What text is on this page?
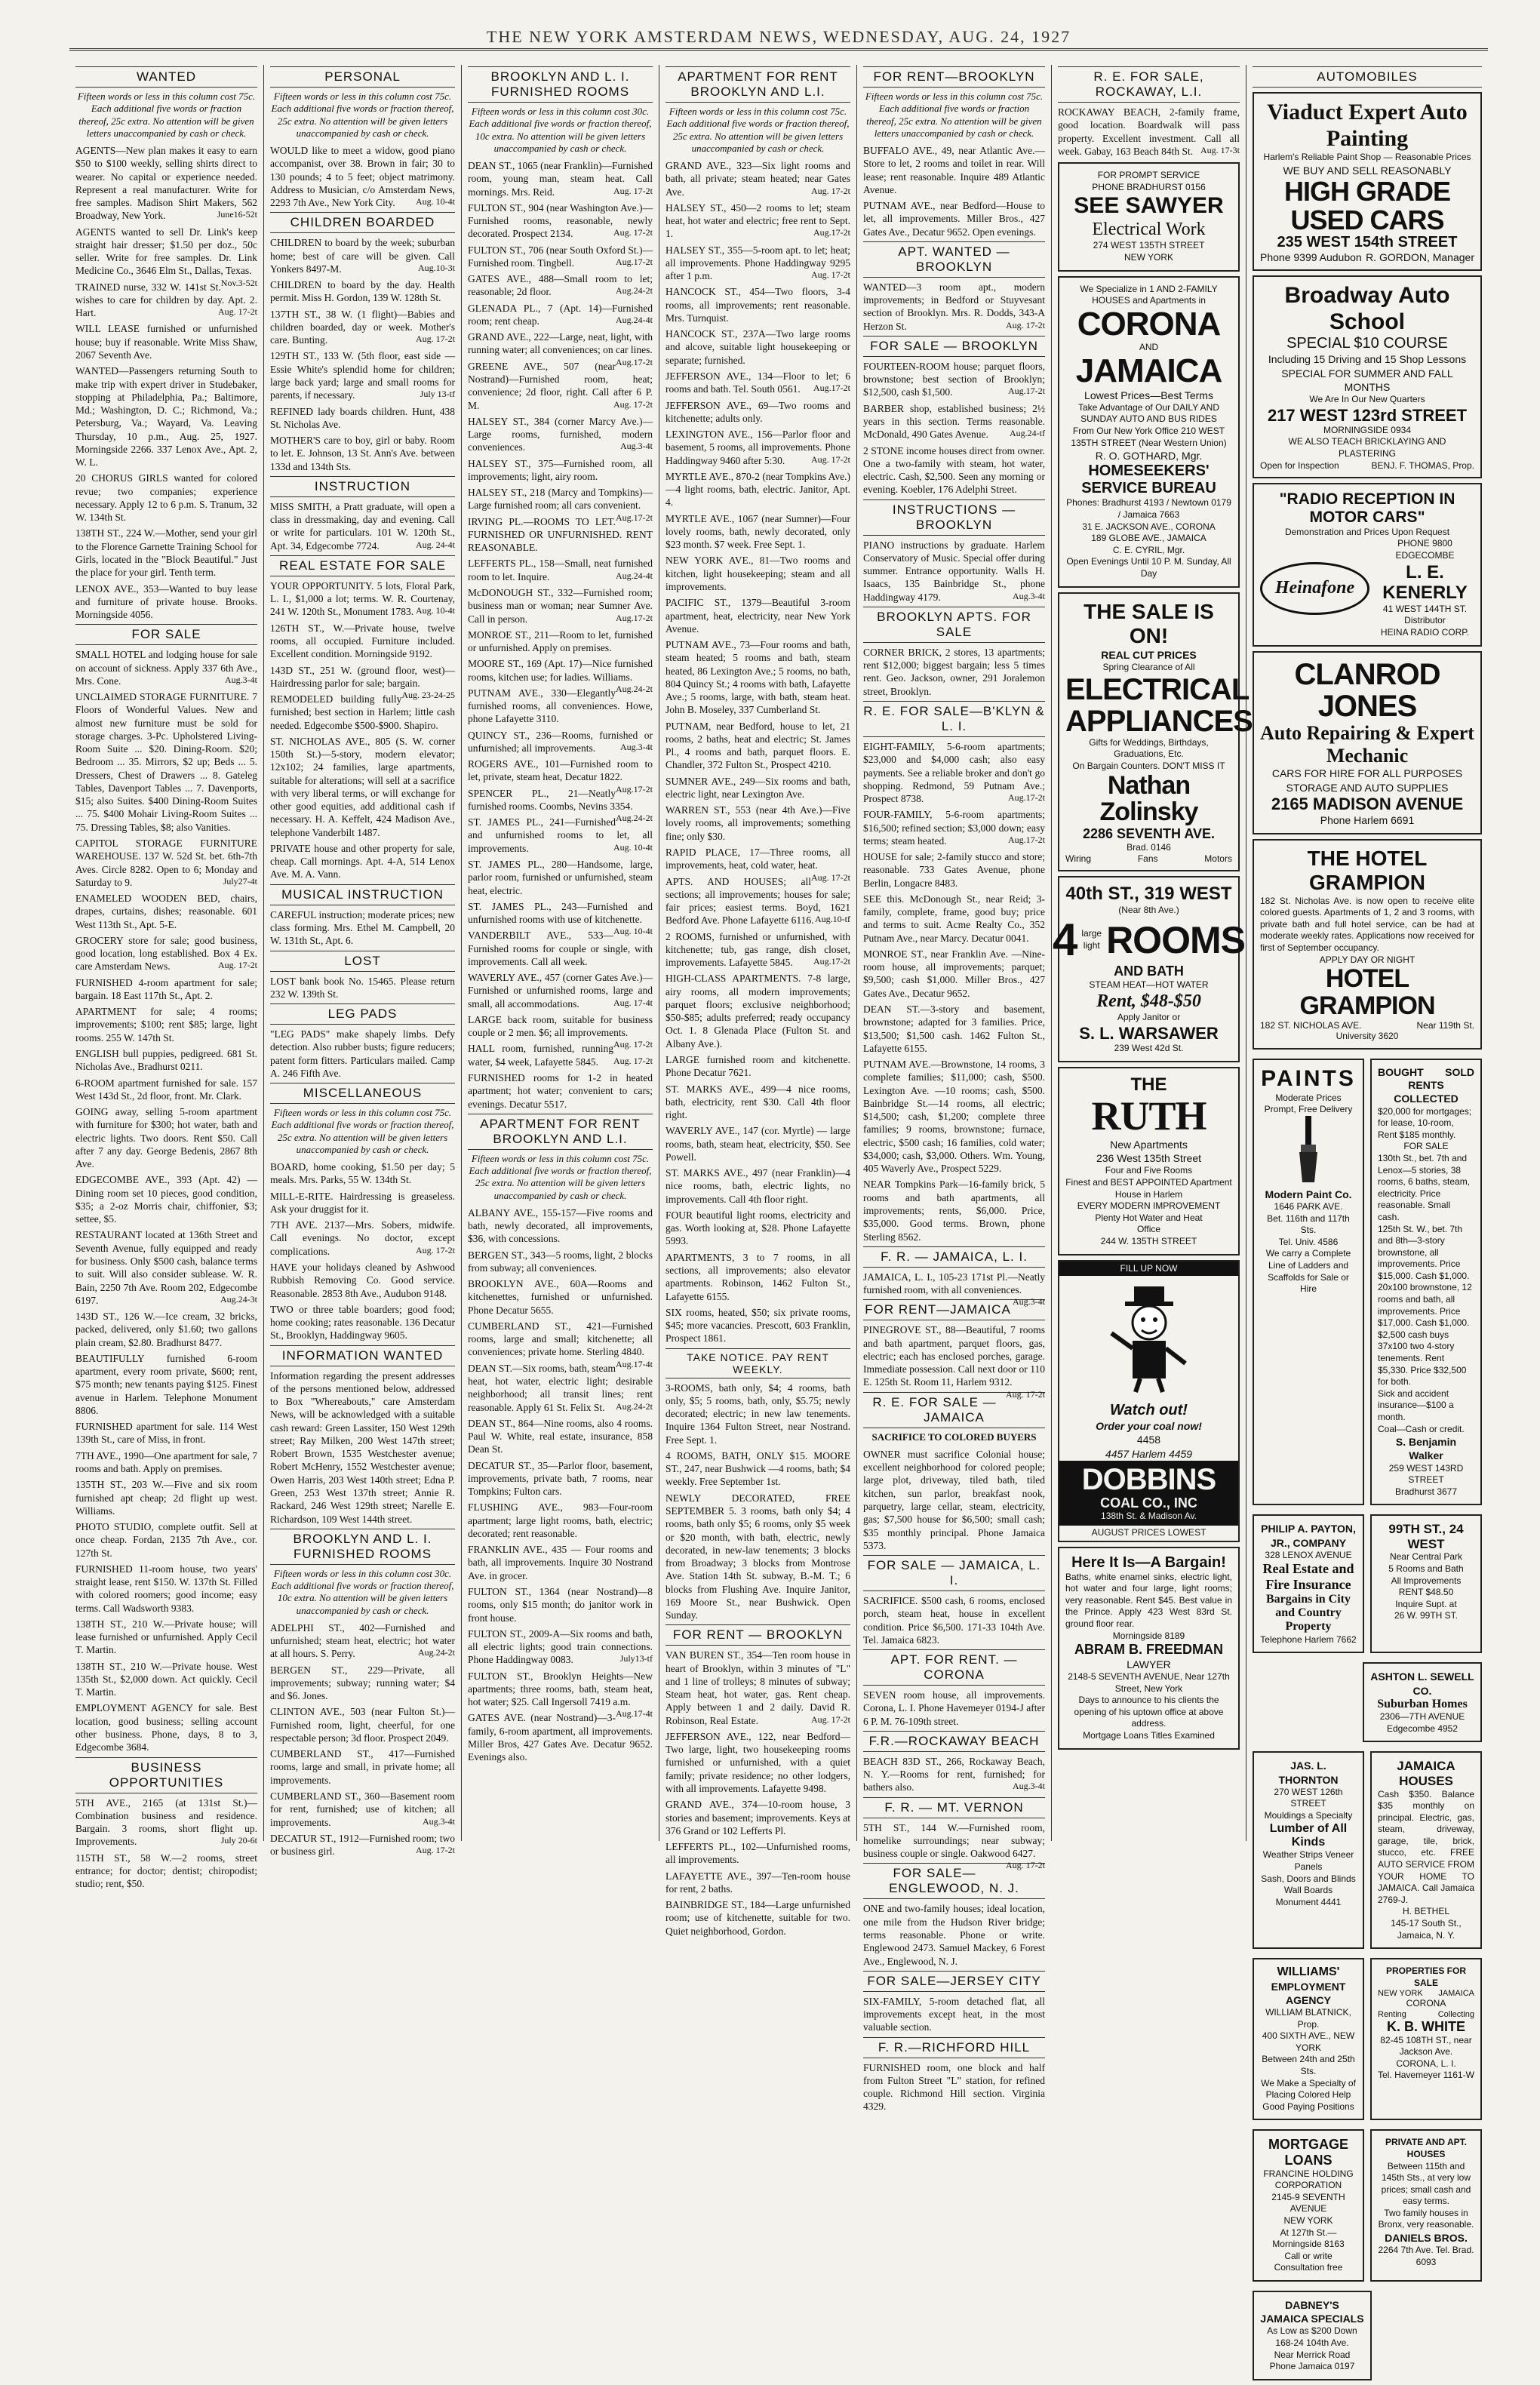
THE NEW YORK AMSTERDAM NEWS, WEDNESDAY, AUG. 24, 1927
WANTED
Fifteen words or less in this column cost 75c. Each additional five words or fraction thereof, 25c extra. No attention will be given letters unaccompanied by cash or check.
AGENTS—New plan makes it easy to earn $50 to $100 weekly, selling shirts direct to wearer. No capital or experience needed. Represent a real manufacturer. Write for free samples. Madison Shirt Makers, 562 Broadway, New York.	June16-52t
AGENTS wanted to sell Dr. Link's keep straight hair dresser; $1.50 per doz., 50c seller. Write for free samples. Dr. Link Medicine Co., 3646 Elm St., Dallas, Texas.
Nov.3-52t
TRAINED nurse, 332 W. 141st St. wishes to care for children by day. Apt. 2. Hart.	Aug. 17-2t
WILL LEASE furnished or unfurnished house; buy if reasonable. Write Miss Shaw, 2067 Seventh Ave.
WANTED—Passengers returning South to make trip with expert driver in Studebaker, stopping at Philadelphia, Pa.; Baltimore, Md.; Washington, D. C.; Richmond, Va.; Petersburg, Va.; Wayard, Va. Leaving Thursday, 10 p.m., Aug. 25, 1927. Morningside 2266. 337 Lenox Ave., Apt. 2, W. L.
20 CHORUS GIRLS wanted for colored revue; two companies; experience necessary. Apply 12 to 6 p.m. S. Tranum, 32 W. 134th St.
138TH ST., 224 W.—Mother, send your girl to the Florence Garnette Training School for Girls, located in the "Block Beautiful." Just the place for your girl. Tenth term.
LENOX AVE., 353—Wanted to buy lease and furniture of private house. Brooks. Morningside 4056.
FOR SALE
SMALL HOTEL and lodging house for sale on account of sickness. Apply 337 6th Ave., Mrs. Cone.	Aug.3-4t
UNCLAIMED STORAGE FURNITURE. 7 Floors of Wonderful Values. New and almost new furniture must be sold for storage charges. 3-Pc. Upholstered Living-Room Suite ... $20. Dining-Room. $20; Bedroom ... 35. Mirrors, $2 up; Beds ... 5. Dressers, Chest of Drawers ... 8. Gateleg Tables, Davenport Tables ... 7. Davenports, $15; also Suites. $400 Dining-Room Suites ... 75. $400 Mohair Living-Room Suites ... 75. Dressing Tables, $8; also Vanities.
CAPITOL STORAGE FURNITURE WAREHOUSE. 137 W. 52d St. bet. 6th-7th Aves. Circle 8282. Open to 6; Monday and Saturday to 9.	July27-4t
ENAMELED WOODEN BED, chairs, drapes, curtains, dishes; reasonable. 601 West 113th St., Apt. 5-E.
GROCERY store for sale; good business, good location, long established. Box 4 Ex. care Amsterdam News.	Aug. 17-2t
FURNISHED 4-room apartment for sale; bargain. 18 East 117th St., Apt. 2.
APARTMENT for sale; 4 rooms; improvements; $100; rent $85; large, light rooms. 255 W. 147th St.
ENGLISH bull puppies, pedigreed. 681 St. Nicholas Ave., Bradhurst 0211.
6-ROOM apartment furnished for sale. 157 West 143d St., 2d floor, front. Mr. Clark.
GOING away, selling 5-room apartment with furniture for $300; hot water, bath and electric lights. Two doors. Rent $50. Call after 7 any day. George Bedenis, 2867 8th Ave.
EDGECOMBE AVE., 393 (Apt. 42) —Dining room set 10 pieces, good condition, $35; a 2-oz Morris chair, chiffonier, $3; settee, $5.
RESTAURANT located at 136th Street and Seventh Avenue, fully equipped and ready for business. Only $500 cash, balance terms to suit. Will also consider sublease. W. R. Bain, 2250 7th Ave. Room 202, Edgecombe 6197.	Aug.24-3t
143D ST., 126 W.—Ice cream, 32 bricks, packed, delivered, only $1.60; two gallons plain cream, $2.80. Bradhurst 8477.
BEAUTIFULLY furnished 6-room apartment, every room private, $600; rent, $75 month; new tenants paying $125. Finest avenue in Harlem. Telephone Monument 8806.
FURNISHED apartment for sale. 114 West 139th St., care of Miss, in front.
7TH AVE., 1990—One apartment for sale, 7 rooms and bath. Apply on premises.
135TH ST., 203 W.—Five and six room furnished apt cheap; 2d flight up west. Williams.
PHOTO STUDIO, complete outfit. Sell at once cheap. Fordan, 2135 7th Ave., cor. 127th St.
FURNISHED 11-room house, two years' straight lease, rent $150. W. 137th St. Filled with colored roomers; good income; easy terms. Call Wadsworth 9383.
138TH ST., 210 W.—Private house; will lease furnished or unfurnished. Apply Cecil T. Martin.
138TH ST., 210 W.—Private house. West 135th St., $2,000 down. Act quickly. Cecil T. Martin.
EMPLOYMENT AGENCY for sale. Best location, good business; selling account other business. Phone, days, 8 to 3, Edgecombe 3684.
BUSINESS OPPORTUNITIES
5TH AVE., 2165 (at 131st St.)—Combination business and residence. Bargain. 3 rooms, short flight up. Improvements.	July 20-6t
115TH ST., 58 W.—2 rooms, street entrance; for doctor; dentist; chiropodist; studio; rent, $50.
PERSONAL
Fifteen words or less in this column cost 75c. Each additional five words or fraction thereof, 25c extra. No attention will be given letters unaccompanied by cash or check.
WOULD like to meet a widow, good piano accompanist, over 38. Brown in fair; 30 to 130 pounds; 4 to 5 feet; object matrimony. Address to Musician, c/o Amsterdam News, 2293 7th Ave., New York City. Aug. 10-4t
CHILDREN BOARDED
CHILDREN to board by the week; suburban home; best of care will be given. Call Yonkers 8497-M.	Aug.10-3t
CHILDREN to board by the day. Health permit. Miss H. Gordon, 139 W. 128th St.
137TH ST., 38 W. (1 flight)—Babies and children boarded, day or week. Mother's care. Bunting.	Aug. 17-2t
129TH ST., 133 W. (5th floor, east side — Essie White's splendid home for children; large back yard; large and small rooms for parents, if necessary.	July 13-tf
REFINED lady boards children. Hunt, 438 St. Nicholas Ave.
MOTHER'S care to boy, girl or baby. Room to let. E. Johnson, 13 St. Ann's Ave. between 133d and 134th Sts.
INSTRUCTION
MISS SMITH, a Pratt graduate, will open a class in dressmaking, day and evening. Call or write for particulars. 101 W. 120th St., Apt. 34, Edgecombe 7724.	Aug. 24-4t
REAL ESTATE FOR SALE
YOUR OPPORTUNITY. 5 lots, Floral Park, L. I., $1,000 a lot; terms. W. R. Courtenay, 241 W. 120th St., Monument 1783. Aug. 10-4t
126TH ST., W.—Private house, twelve rooms, all occupied. Furniture included. Excellent condition. Morningside 9192.
143D ST., 251 W. (ground floor, west)—Hairdressing parlor for sale; bargain.
Aug. 23-24-25
REMODELED building fully furnished; best section in Harlem; little cash needed. Edgecombe $500-$900. Shapiro.
ST. NICHOLAS AVE., 805 (S. W. corner 150th St.)—5-story, modern elevator; 12x102; 24 families, large apartments, suitable for alterations; will sell at a sacrifice with very liberal terms, or will exchange for other good equities, add additional cash if necessary. H. A. Keffelt, 424 Madison Ave., telephone Vanderbilt 1487.
PRIVATE house and other property for sale, cheap. Call mornings. Apt. 4-A, 514 Lenox Ave. M. A. Vann.
MUSICAL INSTRUCTION
CAREFUL instruction; moderate prices; new class forming. Mrs. Ethel M. Campbell, 20 W. 131th St., Apt. 6.
LOST
LOST bank book No. 15465. Please return 232 W. 139th St.
LEG PADS
"LEG PADS" make shapely limbs. Defy detection. Also rubber busts; figure reducers; patent form fitters. Particulars mailed. Camp A. 246 Fifth Ave.
MISCELLANEOUS
Fifteen words or less in this column cost 75c. Each additional five words or fraction thereof, 25c extra. No attention will be given letters unaccompanied by cash or check.
BOARD, home cooking, $1.50 per day; 5 meals. Mrs. Parks, 55 W. 134th St.
MILL-E-RITE. Hairdressing is greaseless. Ask your druggist for it.
7TH AVE. 2137—Mrs. Sobers, midwife. Call evenings. No doctor, except complications.	Aug. 17-2t
HAVE your holidays cleaned by Ashwood Rubbish Removing Co. Good service. Reasonable. 2853 8th Ave., Audubon 9148.
TWO or three table boarders; good food; home cooking; rates reasonable. 136 Decatur St., Brooklyn, Haddingway 9605.
INFORMATION WANTED
Information regarding the present addresses of the persons mentioned below, addressed to Box "Whereabouts," care Amsterdam News, will be acknowledged with a suitable cash reward: Green Lassiter, 150 West 129th street; Ray Milken, 200 West 147th street; Robert Brown, 1535 Westchester avenue; Robert McHenry, 1552 Westchester avenue; Owen Harris, 203 West 140th street; Edna P. Green, 253 West 137th street; Annie R. Rackard, 246 West 129th street; Narelle E. Richardson, 109 West 144th street.
BROOKLYN AND L. I. FURNISHED ROOMS
Fifteen words or less in this column cost 30c. Each additional five words or fraction thereof, 10c extra. No attention will be given letters unaccompanied by cash or check.
ADELPHI ST., 402—Furnished and unfurnished; steam heat, electric; hot water at all hours. S. Perry.	Aug.24-2t
BERGEN ST., 229—Private, all improvements; subway; running water; $4 and $6. Jones.
CLINTON AVE., 503 (near Fulton St.)—Furnished room, light, cheerful, for one respectable person; 3d floor. Prospect 2049.
CUMBERLAND ST., 417—Furnished rooms, large and small, in private home; all improvements.
CUMBERLAND ST., 360—Basement room for rent, furnished; use of kitchen; all improvements.	Aug.3-4t
DECATUR ST., 1912—Furnished room; two or business girl.	Aug. 17-2t
BROOKLYN AND L. I. FURNISHED ROOMS
Fifteen words or less in this column cost 30c. Each additional five words or fraction thereof, 10c extra. No attention will be given letters unaccompanied by cash or check.
DEAN ST., 1065 (near Franklin)—Furnished room, young man, steam heat. Call mornings. Mrs. Reid.	Aug. 17-2t
FULTON ST., 904 (near Washington Ave.)—Furnished rooms, reasonable, newly decorated. Prospect 2134.	Aug. 17-2t
FULTON ST., 706 (near South Oxford St.)—Furnished room. Tingbell.	Aug.17-2t
GATES AVE., 488—Small room to let; reasonable; 2d floor.	Aug.24-2t
GLENADA PL., 7 (Apt. 14)—Furnished room; rent cheap.	Aug.24-4t
GRAND AVE., 222—Large, neat, light, with running water; all conveniences; on car lines.
Aug.17-2t
GREENE AVE., 507 (near Nostrand)—Furnished room, heat; convenience; 2d floor, right. Call after 6 P. M.	Aug. 17-2t
HALSEY ST., 384 (corner Marcy Ave.)—Large rooms, furnished, modern conveniences.	Aug.3-4t
HALSEY ST., 375—Furnished room, all improvements; light, airy room.
HALSEY ST., 218 (Marcy and Tompkins)—Large furnished room; all cars convenient.
Aug.17-2t
IRVING PL.—ROOMS TO LET. FURNISHED OR UNFURNISHED. RENT REASONABLE.
LEFFERTS PL., 158—Small, neat furnished room to let. Inquire.	Aug.24-4t
McDONOUGH ST., 332—Furnished room; business man or woman; near Sumner Ave. Call in person.	Aug.17-2t
MONROE ST., 211—Room to let, furnished or unfurnished. Apply on premises.
MOORE ST., 169 (Apt. 17)—Nice furnished rooms, kitchen use; for ladies. Williams.
Aug.24-2t
PUTNAM AVE., 330—Elegantly furnished rooms, all conveniences. Howe, phone Lafayette 3110.
QUINCY ST., 236—Rooms, furnished or unfurnished; all improvements.	Aug.3-4t
ROGERS AVE., 101—Furnished room to let, private, steam heat, Decatur 1822.
Aug.17-2t
SPENCER PL., 21—Neatly furnished rooms. Coombs, Nevins 3354.
Aug.24-2t
ST. JAMES PL., 241—Furnished and unfurnished rooms to let, all improvements.	Aug. 10-4t
ST. JAMES PL., 280—Handsome, large, parlor room, furnished or unfurnished, steam heat, electric.
ST. JAMES PL., 243—Furnished and unfurnished rooms with use of kitchenette.
Aug. 10-4t
VANDERBILT AVE., 533—Furnished rooms for couple or single, with improvements. Call all week.
WAVERLY AVE., 457 (corner Gates Ave.)—Furnished or unfurnished rooms, large and small, all accommodations.	Aug. 17-4t
LARGE back room, suitable for business couple or 2 men. $6; all improvements.
Aug. 17-2t
HALL room, furnished, running water, $4 week, Lafayette 5845. Aug. 17-2t
FURNISHED rooms for 1-2 in heated apartment; hot water; convenient to cars; evenings. Decatur 5517.
APARTMENT FOR RENT BROOKLYN AND L.I.
Fifteen words or less in this column cost 75c. Each additional five words or fraction thereof, 25c extra. No attention will be given letters unaccompanied by cash or check.
ALBANY AVE., 155-157—Five rooms and bath, newly decorated, all improvements, $36, with concessions.
BERGEN ST., 343—5 rooms, light, 2 blocks from subway; all conveniences.
BROOKLYN AVE., 60A—Rooms and kitchenettes, furnished or unfurnished. Phone Decatur 5655.
CUMBERLAND ST., 421—Furnished rooms, large and small; kitchenette; all conveniences; private home. Sterling 4840.
Aug.17-4t
DEAN ST.—Six rooms, bath, steam heat, hot water, electric light; desirable neighborhood; all transit lines; rent reasonable. Apply 61 St. Felix St. Aug.24-2t
DEAN ST., 864—Nine rooms, also 4 rooms. Paul W. White, real estate, insurance, 858 Dean St.
DECATUR ST., 35—Parlor floor, basement, improvements, private bath, 7 rooms, near Tompkins; Fulton cars.
FLUSHING AVE., 983—Four-room apartment; large light rooms, bath, electric; decorated; rent reasonable.
FRANKLIN AVE., 435 — Four rooms and bath, all improvements. Inquire 30 Nostrand Ave. in grocer.
FULTON ST., 1364 (near Nostrand)—8 rooms, only $15 month; do janitor work in front house.
FULTON ST., 2009-A—Six rooms and bath, all electric lights; good train connections. Phone Haddingway 0083.	July13-tf
FULTON ST., Brooklyn Heights—New apartments; three rooms, bath, steam heat, hot water; $25. Call Ingersoll 7419 a.m.
Aug.17-4t
GATES AVE. (near Nostrand)—3-family, 6-room apartment, all improvements. Miller Bros, 427 Gates Ave. Decatur 9652. Evenings also.
APARTMENT FOR RENT BROOKLYN AND L.I.
Fifteen words or less in this column cost 75c. Each additional five words or fraction thereof, 25c extra. No attention will be given letters unaccompanied by cash or check.
GRAND AVE., 323—Six light rooms and bath, all private; steam heated; near Gates Ave.	Aug. 17-2t
HALSEY ST., 450—2 rooms to let; steam heat, hot water and electric; free rent to Sept. 1.	Aug.17-2t
HALSEY ST., 355—5-room apt. to let; heat; all improvements. Phone Haddingway 9295 after 1 p.m.	Aug. 17-2t
HANCOCK ST., 454—Two floors, 3-4 rooms, all improvements; rent reasonable. Mrs. Turnquist.
HANCOCK ST., 237A—Two large rooms and alcove, suitable light housekeeping or separate; furnished.
JEFFERSON AVE., 134—Floor to let; 6 rooms and bath. Tel. South 0561. Aug.17-2t
JEFFERSON AVE., 69—Two rooms and kitchenette; adults only.
LEXINGTON AVE., 156—Parlor floor and basement, 5 rooms, all improvements. Phone Haddingway 9460 after 5:30.	Aug. 17-2t
MYRTLE AVE., 870-2 (near Tompkins Ave.)—4 light rooms, bath, electric. Janitor, Apt. 4.
MYRTLE AVE., 1067 (near Sumner)—Four lovely rooms, bath, newly decorated, only $23 month. $7 week. Free Sept. 1.
NEW YORK AVE., 81—Two rooms and kitchen, light housekeeping; steam and all improvements.
PACIFIC ST., 1379—Beautiful 3-room apartment, heat, electricity, near New York Avenue.
PUTNAM AVE., 73—Four rooms and bath, steam heated; 5 rooms and bath, steam heated, 86 Lexington Ave.; 5 rooms, no bath, 804 Quincy St.; 4 rooms with bath, Lafayette Ave.; 5 rooms, large, with bath, steam heat. John B. Moseley, 337 Cumberland St.
PUTNAM, near Bedford, house to let, 21 rooms, 2 baths, heat and electric; St. James Pl., 4 rooms and bath, parquet floors. E. Chandler, 372 Fulton St., Prospect 4210.
SUMNER AVE., 249—Six rooms and bath, electric light, near Lexington Ave.
WARREN ST., 553 (near 4th Ave.)—Five lovely rooms, all improvements; something fine; only $30.
RAPID PLACE, 17—Three rooms, all improvements, heat, cold water, heat.
Aug. 17-2t
APTS. AND HOUSES; all sections; all improvements; houses for sale; fair prices; easiest terms. Boyd, 1621 Bedford Ave. Phone Lafayette 6116. Aug.10-tf
2 ROOMS, furnished or unfurnished, with kitchenette; tub, gas range, dish closet, improvements. Lafayette 5845. Aug.17-2t
HIGH-CLASS APARTMENTS. 7-8 large, airy rooms, all modern improvements; parquet floors; exclusive neighborhood; $50-$85; adults preferred; ready occupancy Oct. 1. 8 Glenada Place (Fulton St. and Albany Ave.).
LARGE furnished room and kitchenette. Phone Decatur 7621.
ST. MARKS AVE., 499—4 nice rooms, bath, electricity, rent $30. Call 4th floor right.
WAVERLY AVE., 147 (cor. Myrtle) — large rooms, bath, steam heat, electricity, $50. See Powell.
ST. MARKS AVE., 497 (near Franklin)—4 nice rooms, bath, electric lights, no improvements. Call 4th floor right.
FOUR beautiful light rooms, electricity and gas. Worth looking at, $28. Phone Lafayette 5993.
APARTMENTS, 3 to 7 rooms, in all sections, all improvements; also elevator apartments. Robinson, 1462 Fulton St., Lafayette 6155.
SIX rooms, heated, $50; six private rooms, $45; more vacancies. Prescott, 603 Franklin, Prospect 1861.
TAKE NOTICE. PAY RENT WEEKLY.
3-ROOMS, bath only, $4; 4 rooms, bath only, $5; 5 rooms, bath, only, $5.75; newly decorated; electric; in new law tenements. Inquire 1364 Fulton Street, near Nostrand. Free Sept. 1.
4 ROOMS, BATH, ONLY $15. MOORE ST., 247, near Bushwick —4 rooms, bath; $4 weekly. Free September 1st.
NEWLY DECORATED, FREE SEPTEMBER 5. 3 rooms, bath only $4; 4 rooms, bath only $5; 6 rooms, only $5 week or $20 month, with bath, electric, newly decorated, in new-law tenements; 3 blocks from Broadway; 3 blocks from Montrose Ave. Station 14th St. subway, B.-M. T.; 6 blocks from Flushing Ave. Inquire Janitor, 169 Moore St., near Bushwick. Open Sunday.
FOR RENT — BROOKLYN
VAN BUREN ST., 354—Ten room house in heart of Brooklyn, within 3 minutes of "L" and 1 line of trolleys; 8 minutes of subway; Steam heat, hot water, gas. Rent cheap. Apply between 1 and 2 daily. David R. Robinson, Real Estate.	Aug. 17-2t
JEFFERSON AVE., 122, near Bedford—Two large, light, two housekeeping rooms furnished or unfurnished, with a quiet family; private residence; no other lodgers, with all improvements. Lafayette 9498.
GRAND AVE., 374—10-room house, 3 stories and basement; improvements. Keys at 376 Grand or 102 Lefferts Pl.
LEFFERTS PL., 102—Unfurnished rooms, all improvements.
LAFAYETTE AVE., 397—Ten-room house for rent, 2 baths.
BAINBRIDGE ST., 184—Large unfurnished room; use of kitchenette, suitable for two. Quiet neighborhood, Gordon.
FOR RENT—BROOKLYN
Fifteen words or less in this column cost 75c. Each additional five words or fraction thereof, 25c extra. No attention will be given letters unaccompanied by cash or check.
BUFFALO AVE., 49, near Atlantic Ave.—Store to let, 2 rooms and toilet in rear. Will lease; rent reasonable. Inquire 489 Atlantic Avenue.
PUTNAM AVE., near Bedford—House to let, all improvements. Miller Bros., 427 Gates Ave., Decatur 9652. Open evenings.
APT. WANTED — BROOKLYN
WANTED—3 room apt., modern improvements; in Bedford or Stuyvesant section of Brooklyn. Mrs. R. Dodds, 343-A Herzon St.	Aug. 17-2t
FOR SALE — BROOKLYN
FOURTEEN-ROOM house; parquet floors, brownstone; best section of Brooklyn; $12,500, cash $1,500.	Aug.17-2t
BARBER shop, established business; 2½ years in this section. Terms reasonable. McDonald, 490 Gates Avenue. Aug.24-tf
2 STONE income houses direct from owner. One a two-family with steam, hot water, electric. Cash, $2,500. Seen any morning or evening. Koebler, 176 Adelphi Street.
INSTRUCTIONS — BROOKLYN
PIANO instructions by graduate. Harlem Conservatory of Music. Special offer during summer. Entrance opportunity. Walls H. Isaacs, 135 Bainbridge St., phone Haddingway 4179.	Aug.3-4t
BROOKLYN APTS. FOR SALE
CORNER BRICK, 2 stores, 13 apartments; rent $12,000; biggest bargain; less 5 times rent. Geo. Jackson, owner, 291 Joralemon street, Brooklyn.
R. E. FOR SALE—B'KLYN & L. I.
EIGHT-FAMILY, 5-6-room apartments; $23,000 and $4,000 cash; also easy payments. See a reliable broker and don't go shopping. Redmond, 59 Putnam Ave.; Prospect 8738.	Aug.17-2t
FOUR-FAMILY, 5-6-room apartments; $16,500; refined section; $3,000 down; easy terms; steam heated.	Aug.17-2t
HOUSE for sale; 2-family stucco and store; reasonable. 733 Gates Avenue, phone Berlin, Longacre 8483.
SEE this. McDonough St., near Reid; 3-family, complete, frame, good buy; price and terms to suit. Acme Realty Co., 352 Putnam Ave., near Marcy. Decatur 0041.
MONROE ST., near Franklin Ave. —Nine-room house, all improvements; parquet; $9,500; cash $1,000. Miller Bros., 427 Gates Ave., Decatur 9652.
DEAN ST.—3-story and basement, brownstone; adapted for 3 families. Price, $13,500; $1,500 cash. 1462 Fulton St., Lafayette 6155.
PUTNAM AVE.—Brownstone, 14 rooms, 3 complete families; $11,000; cash, $500. Lexington Ave. —10 rooms; cash, $500. Bainbridge St.—14 rooms, all electric; $14,500; cash, $1,200; complete three families; 9 rooms, brownstone; furnace, electric, $500 cash; 16 families, cold water; $34,000; cash, $3,000. Others. Wm. Young, 405 Waverly Ave., Prospect 5229.
NEAR Tompkins Park—16-family brick, 5 rooms and bath apartments, all improvements; rents, $6,000. Price, $35,000. Good terms. Brown, phone Sterling 8562.
F. R. — JAMAICA, L. I.
JAMAICA, L. I., 105-23 171st Pl.—Neatly furnished room, with all conveniences.
Aug.3-4t
FOR RENT—JAMAICA
PINEGROVE ST., 88—Beautiful, 7 rooms and bath apartment, parquet floors, gas, electric; each has enclosed porches, garage. Immediate possession. Call next door or 110 E. 125th St. Room 11, Harlem 9312.
Aug. 17-2t
R. E. FOR SALE — JAMAICA
SACRIFICE TO COLORED BUYERS
OWNER must sacrifice Colonial house; excellent neighborhood for colored people; large plot, driveway, tiled bath, tiled kitchen, sun parlor, breakfast nook, parquetry, large cellar, steam, electricity, gas; $7,500 house for $6,500; small cash; $35 monthly principal. Phone Jamaica 5373.
FOR SALE — JAMAICA, L. I.
SACRIFICE. $500 cash, 6 rooms, enclosed porch, steam heat, house in excellent condition. Price $6,500. 171-33 104th Ave. Tel. Jamaica 6823.
APT. FOR RENT. — CORONA
SEVEN room house, all improvements. Corona, L. I. Phone Havemeyer 0194-J after 6 P. M. 76-109th street.
F.R.—ROCKAWAY BEACH
BEACH 83D ST., 266, Rockaway Beach, N. Y.—Rooms for rent, furnished; for bathers also.	Aug.3-4t
F. R. — MT. VERNON
5TH ST., 144 W.—Furnished room, homelike surroundings; near subway; business couple or single. Oakwood 6427.
Aug. 17-2t
FOR SALE—ENGLEWOOD, N. J.
ONE and two-family houses; ideal location, one mile from the Hudson River bridge; terms reasonable. Phone or write. Englewood 2473. Samuel Mackey, 6 Forest Ave., Englewood, N. J.
FOR SALE—JERSEY CITY
SIX-FAMILY, 5-room detached flat, all improvements except heat, in the most valuable section.
F. R.—RICHFORD HILL
FURNISHED room, one block and half from Fulton Street "L" station, for refined couple. Richmond Hill section. Virginia 4329.
R. E. FOR SALE, ROCKAWAY, L.I.
ROCKAWAY BEACH, 2-family frame, good location. Boardwalk will pass property. Excellent investment. Call all week. Gabay, 163 Beach 84th St. Aug. 17-3t
FOR PROMPT SERVICE
PHONE BRADHURST 0156
SEE SAWYER
Electrical Work
274 WEST 135TH STREET
NEW YORK
We Specialize in 1 AND 2-FAMILY HOUSES and Apartments in
CORONA
AND
JAMAICA
Lowest Prices—Best Terms
Take Advantage of Our DAILY AND SUNDAY AUTO AND BUS RIDES
From Our New York Office 210 WEST 135TH STREET (Near Western Union)
R. O. GOTHARD, Mgr.
HOMESEEKERS' SERVICE BUREAU
Phones: Bradhurst 4193 / Newtown 0179 / Jamaica 7663
31 E. JACKSON AVE., CORONA
189 GLOBE AVE., JAMAICA
C. E. CYRIL, Mgr.
Open Evenings Until 10 P. M. Sunday, All Day
THE SALE IS ON!
REAL CUT PRICES
Spring Clearance of All
ELECTRICAL APPLIANCES
Gifts for Weddings, Birthdays, Graduations, Etc.
On Bargain Counters. DON'T MISS IT
Nathan Zolinsky
2286 SEVENTH AVE.
Brad. 0146
Wiring	Fans	Motors
40th ST., 319 WEST
(Near 8th Ave.)
4 large light ROOMS
AND BATH
STEAM HEAT—HOT WATER
Rent, $48-$50
Apply Janitor or
S. L. WARSAWER
239 West 42d St.
THE
RUTH
New Apartments
236 West 135th Street
Four and Five Rooms
Finest and BEST APPOINTED Apartment House in Harlem
EVERY MODERN IMPROVEMENT
Plenty Hot Water and Heat
Office
244 W. 135TH STREET
FILL UP NOW
Watch out!
Order your coal now!
4458
4457 Harlem 4459
DOBBINS
COAL CO., INC
138th St. & Madison Av.
AUGUST PRICES LOWEST
Here It Is—A Bargain!
Baths, white enamel sinks, electric light, hot water and four large, light rooms; very reasonable. Rent $45. Best value in the Prince. Apply 423 West 83rd St. ground floor rear.
Morningside 8189
ABRAM B. FREEDMAN
LAWYER
2148-5 SEVENTH AVENUE, Near 127th Street, New York
Days to announce to his clients the opening of his uptown office at above address.
Mortgage Loans Titles Examined
AUTOMOBILES
Viaduct Expert Auto Painting
Harlem's Reliable Paint Shop — Reasonable Prices
WE BUY AND SELL REASONABLY
HIGH GRADE USED CARS
235 WEST 154th STREET
Phone 9399 Audubon R. GORDON, Manager
Broadway Auto School
SPECIAL $10 COURSE
Including 15 Driving and 15 Shop Lessons
SPECIAL FOR SUMMER AND FALL MONTHS
We Are In Our New Quarters
217 WEST 123rd STREET
MORNINGSIDE 0934
WE ALSO TEACH BRICKLAYING AND PLASTERING
Open for Inspection	BENJ. F. THOMAS, Prop.
"RADIO RECEPTION IN MOTOR CARS"
Demonstration and Prices Upon Request
Heinafone
PHONE 9800 EDGECOMBE
L. E. KENERLY
41 WEST 144TH ST.
Distributor
HEINA RADIO CORP.
CLANROD JONES
Auto Repairing & Expert Mechanic
CARS FOR HIRE FOR ALL PURPOSES
STORAGE AND AUTO SUPPLIES
2165 MADISON AVENUE
Phone Harlem 6691
THE HOTEL GRAMPION
182 St. Nicholas Ave. is now open to receive elite colored guests. Apartments of 1, 2 and 3 rooms, with private bath and full hotel service, can be had at moderate weekly rates. Applications now received for first of September occupancy.
APPLY DAY OR NIGHT
HOTEL GRAMPION
182 ST. NICHOLAS AVE.	Near 119th St.
University 3620
PAINTS
Moderate Prices
Prompt, Free Delivery
Modern Paint Co.
1646 PARK AVE.
Bet. 116th and 117th Sts.
Tel. Univ. 4586
We carry a Complete Line of Ladders and Scaffolds for Sale or Hire
BOUGHT SOLD
RENTS COLLECTED
$20,000 for mortgages; for lease, 10-room, Rent $185 monthly.
FOR SALE
130th St., bet. 7th and Lenox—5 stories, 38 rooms, 6 baths, steam, electricity. Price reasonable. Small cash.
125th St. W., bet. 7th and 8th—3-story brownstone, all improvements. Price $15,000. Cash $1,000.
20x100 brownstone, 12 rooms and bath, all improvements. Price $17,000. Cash $1,000.
$2,500 cash buys 37x100 two 4-story tenements. Rent $5,330. Price $32,500 for both.
Sick and accident insurance—$100 a month.
Coal—Cash or credit.
S. Benjamin Walker
259 WEST 143RD STREET
Bradhurst 3677
PHILIP A. PAYTON, JR., COMPANY
328 LENOX AVENUE
Real Estate and Fire Insurance
Bargains in City and Country Property
Telephone Harlem 7662
99TH ST., 24 WEST
Near Central Park
5 Rooms and Bath
All Improvements
RENT $48.50
Inquire Supt. at
26 W. 99TH ST.
ASHTON L. SEWELL CO.
Suburban Homes
2306—7TH AVENUE
Edgecombe 4952
JAS. L. THORNTON
270 WEST 126th STREET
Mouldings a Specialty
Lumber of All Kinds
Weather Strips Veneer Panels
Sash, Doors and Blinds Wall Boards
Monument 4441
JAMAICA HOUSES
Cash $350. Balance $35 monthly on principal. Electric, gas, steam, driveway, garage, tile, brick, stucco, etc. FREE AUTO SERVICE FROM YOUR HOME TO JAMAICA. Call Jamaica 2769-J.
H. BETHEL
145-17 South St., Jamaica, N. Y.
WILLIAMS'
EMPLOYMENT AGENCY
WILLIAM BLATNICK, Prop.
400 SIXTH AVE., NEW YORK
Between 24th and 25th Sts.
We Make a Specialty of Placing Colored Help
Good Paying Positions
PROPERTIES FOR SALE
NEW YORK JAMAICA
CORONA
Renting	Collecting
K. B. WHITE
82-45 108TH ST., near Jackson Ave.
CORONA, L. I.
Tel. Havemeyer 1161-W
MORTGAGE LOANS
FRANCINE HOLDING CORPORATION
2145-9 SEVENTH AVENUE
NEW YORK
At 127th St.—Morningside 8163
Call or write Consultation free
PRIVATE AND APT. HOUSES
Between 115th and 145th Sts., at very low prices; small cash and easy terms.
Two family houses in Bronx, very reasonable.
DANIELS BROS.
2264 7th Ave. Tel. Brad. 6093
DABNEY'S JAMAICA SPECIALS
As Low as $200 Down
168-24 104th Ave.
Near Merrick Road
Phone Jamaica 0197
